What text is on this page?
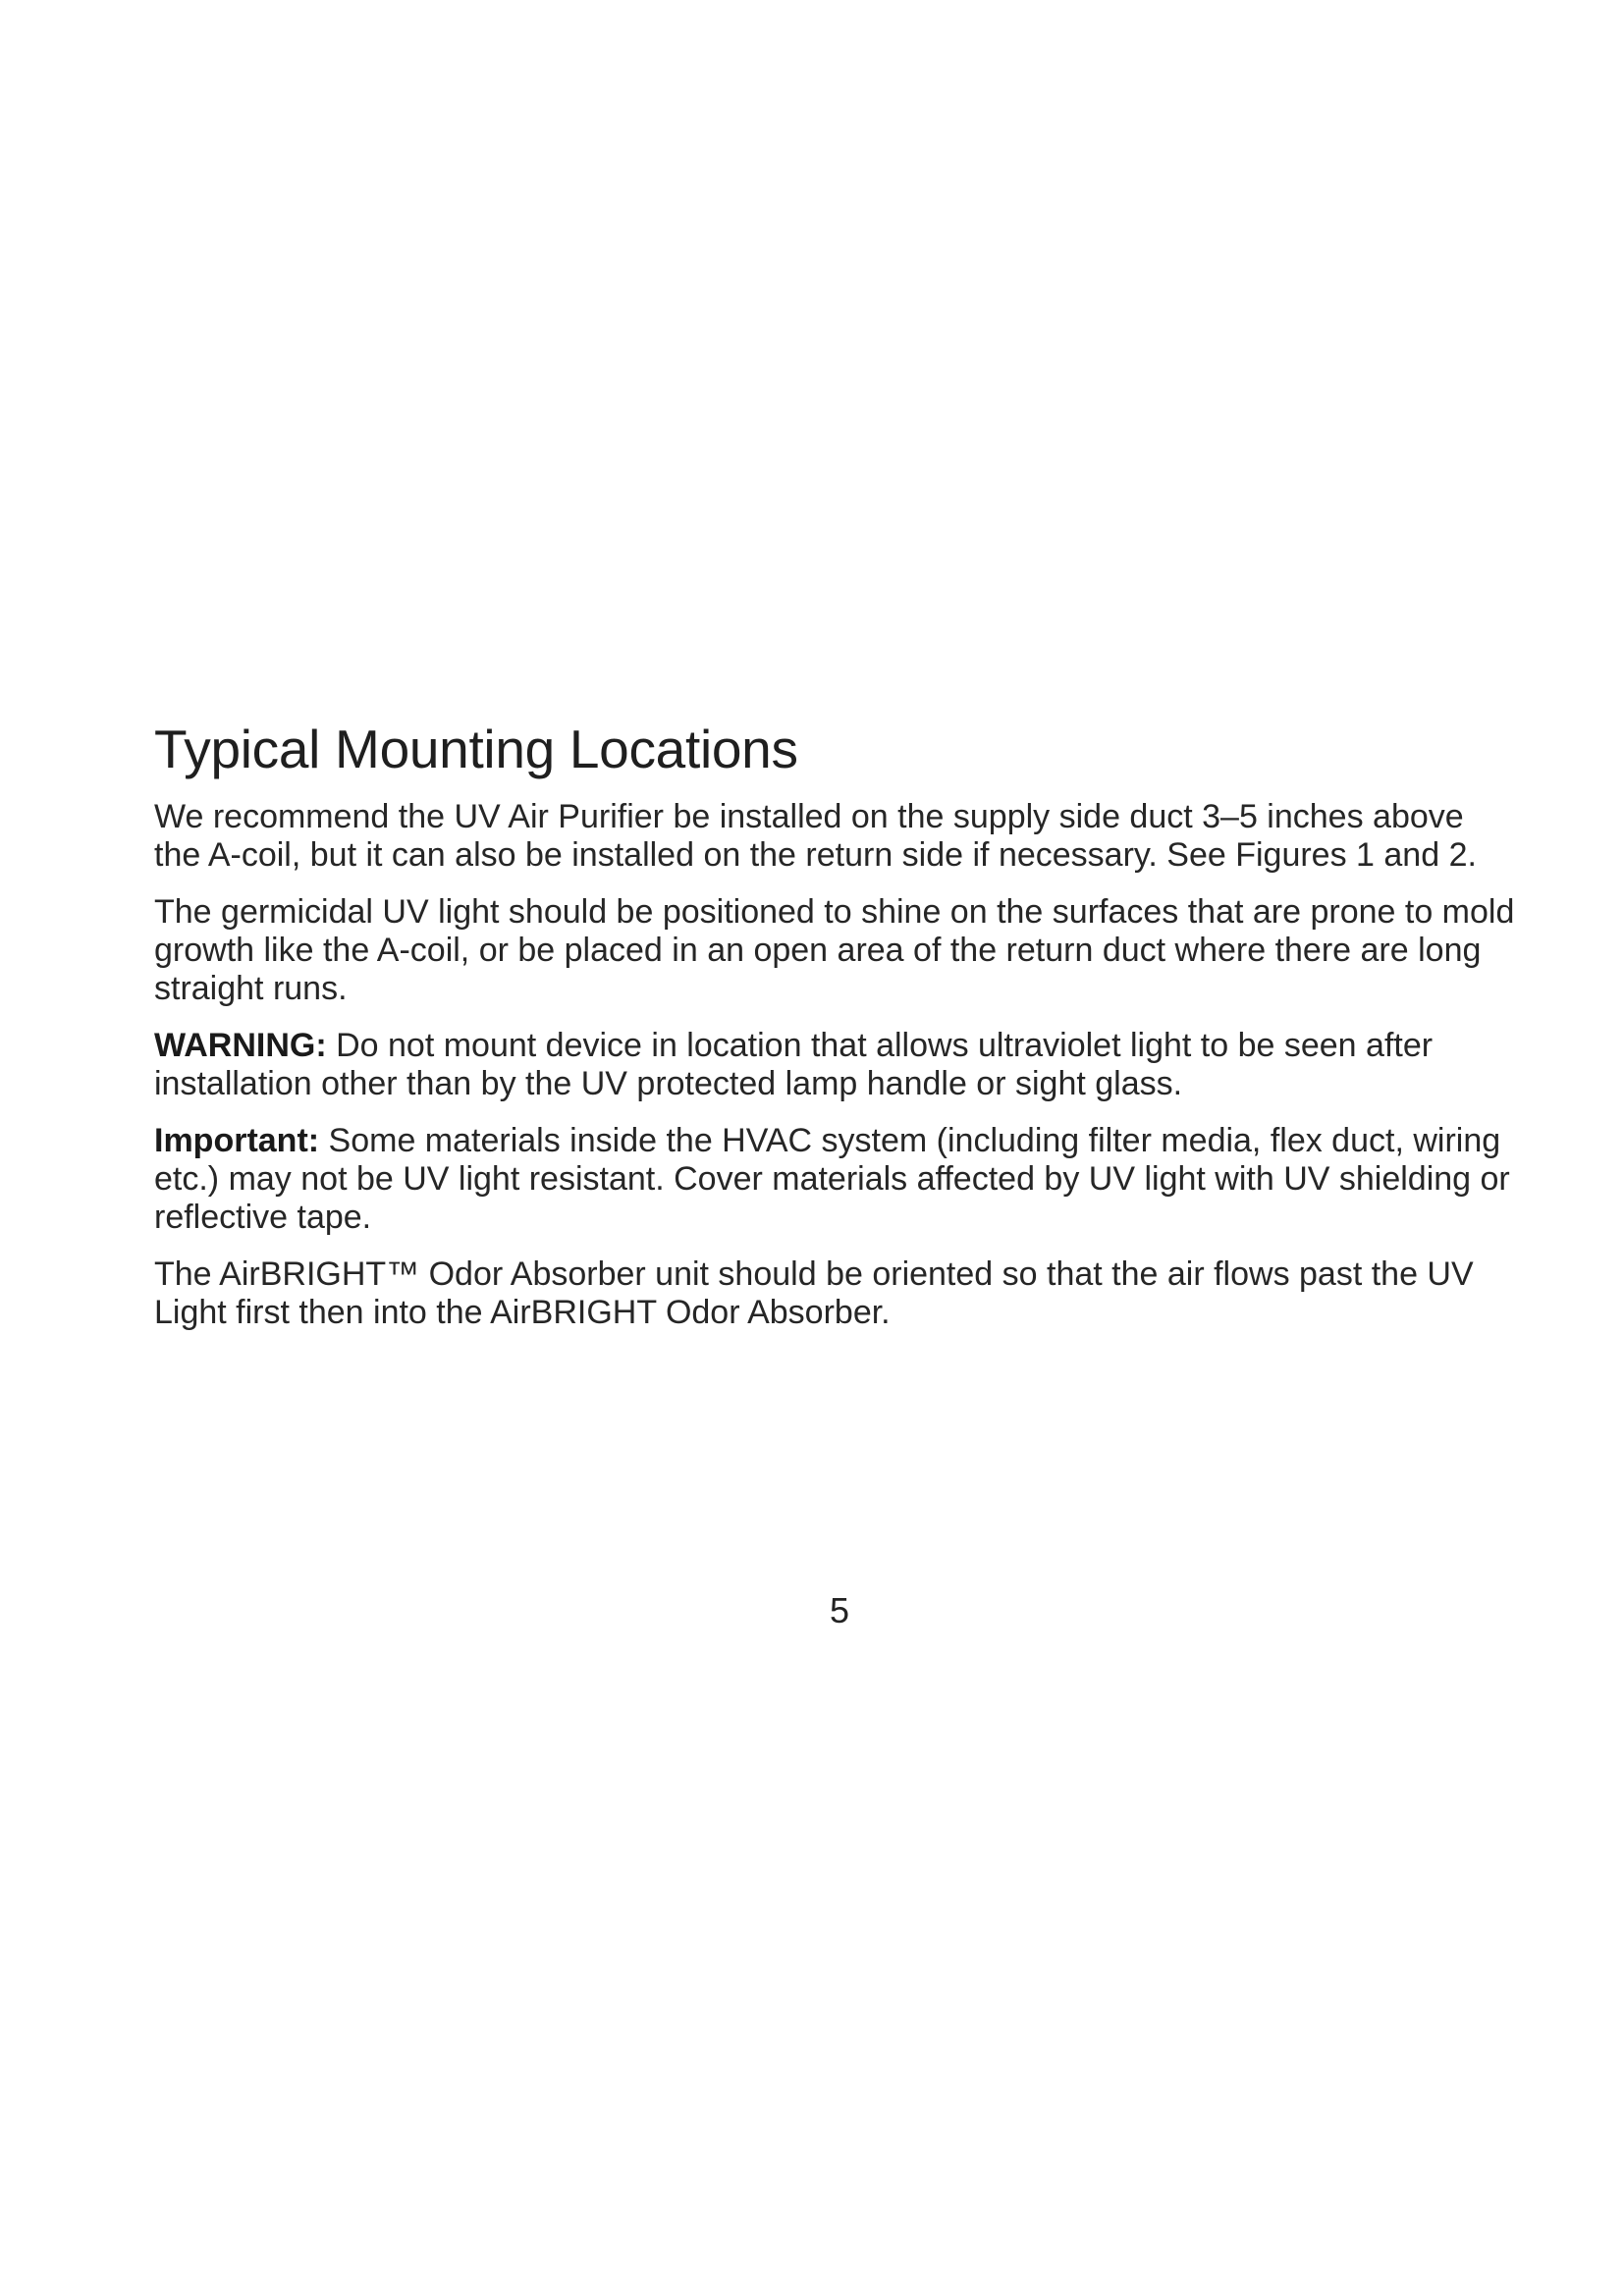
Typical Mounting Locations

We recommend the UV Air Purifier be installed on the supply side duct 3–5 inches above the A-coil, but it can also be installed on the return side if necessary. See Figures 1 and 2.

The germicidal UV light should be positioned to shine on the surfaces that are prone to mold growth like the A-coil, or be placed in an open area of the return duct where there are long straight runs.

WARNING: Do not mount device in location that allows ultraviolet light to be seen after installation other than by the UV protected lamp handle or sight glass.

Important: Some materials inside the HVAC system (including filter media, flex duct, wiring etc.) may not be UV light resistant. Cover materials affected by UV light with UV shielding or reflective tape.

The AirBRIGHT™ Odor Absorber unit should be oriented so that the air flows past the UV Light first then into the AirBRIGHT Odor Absorber.

5
